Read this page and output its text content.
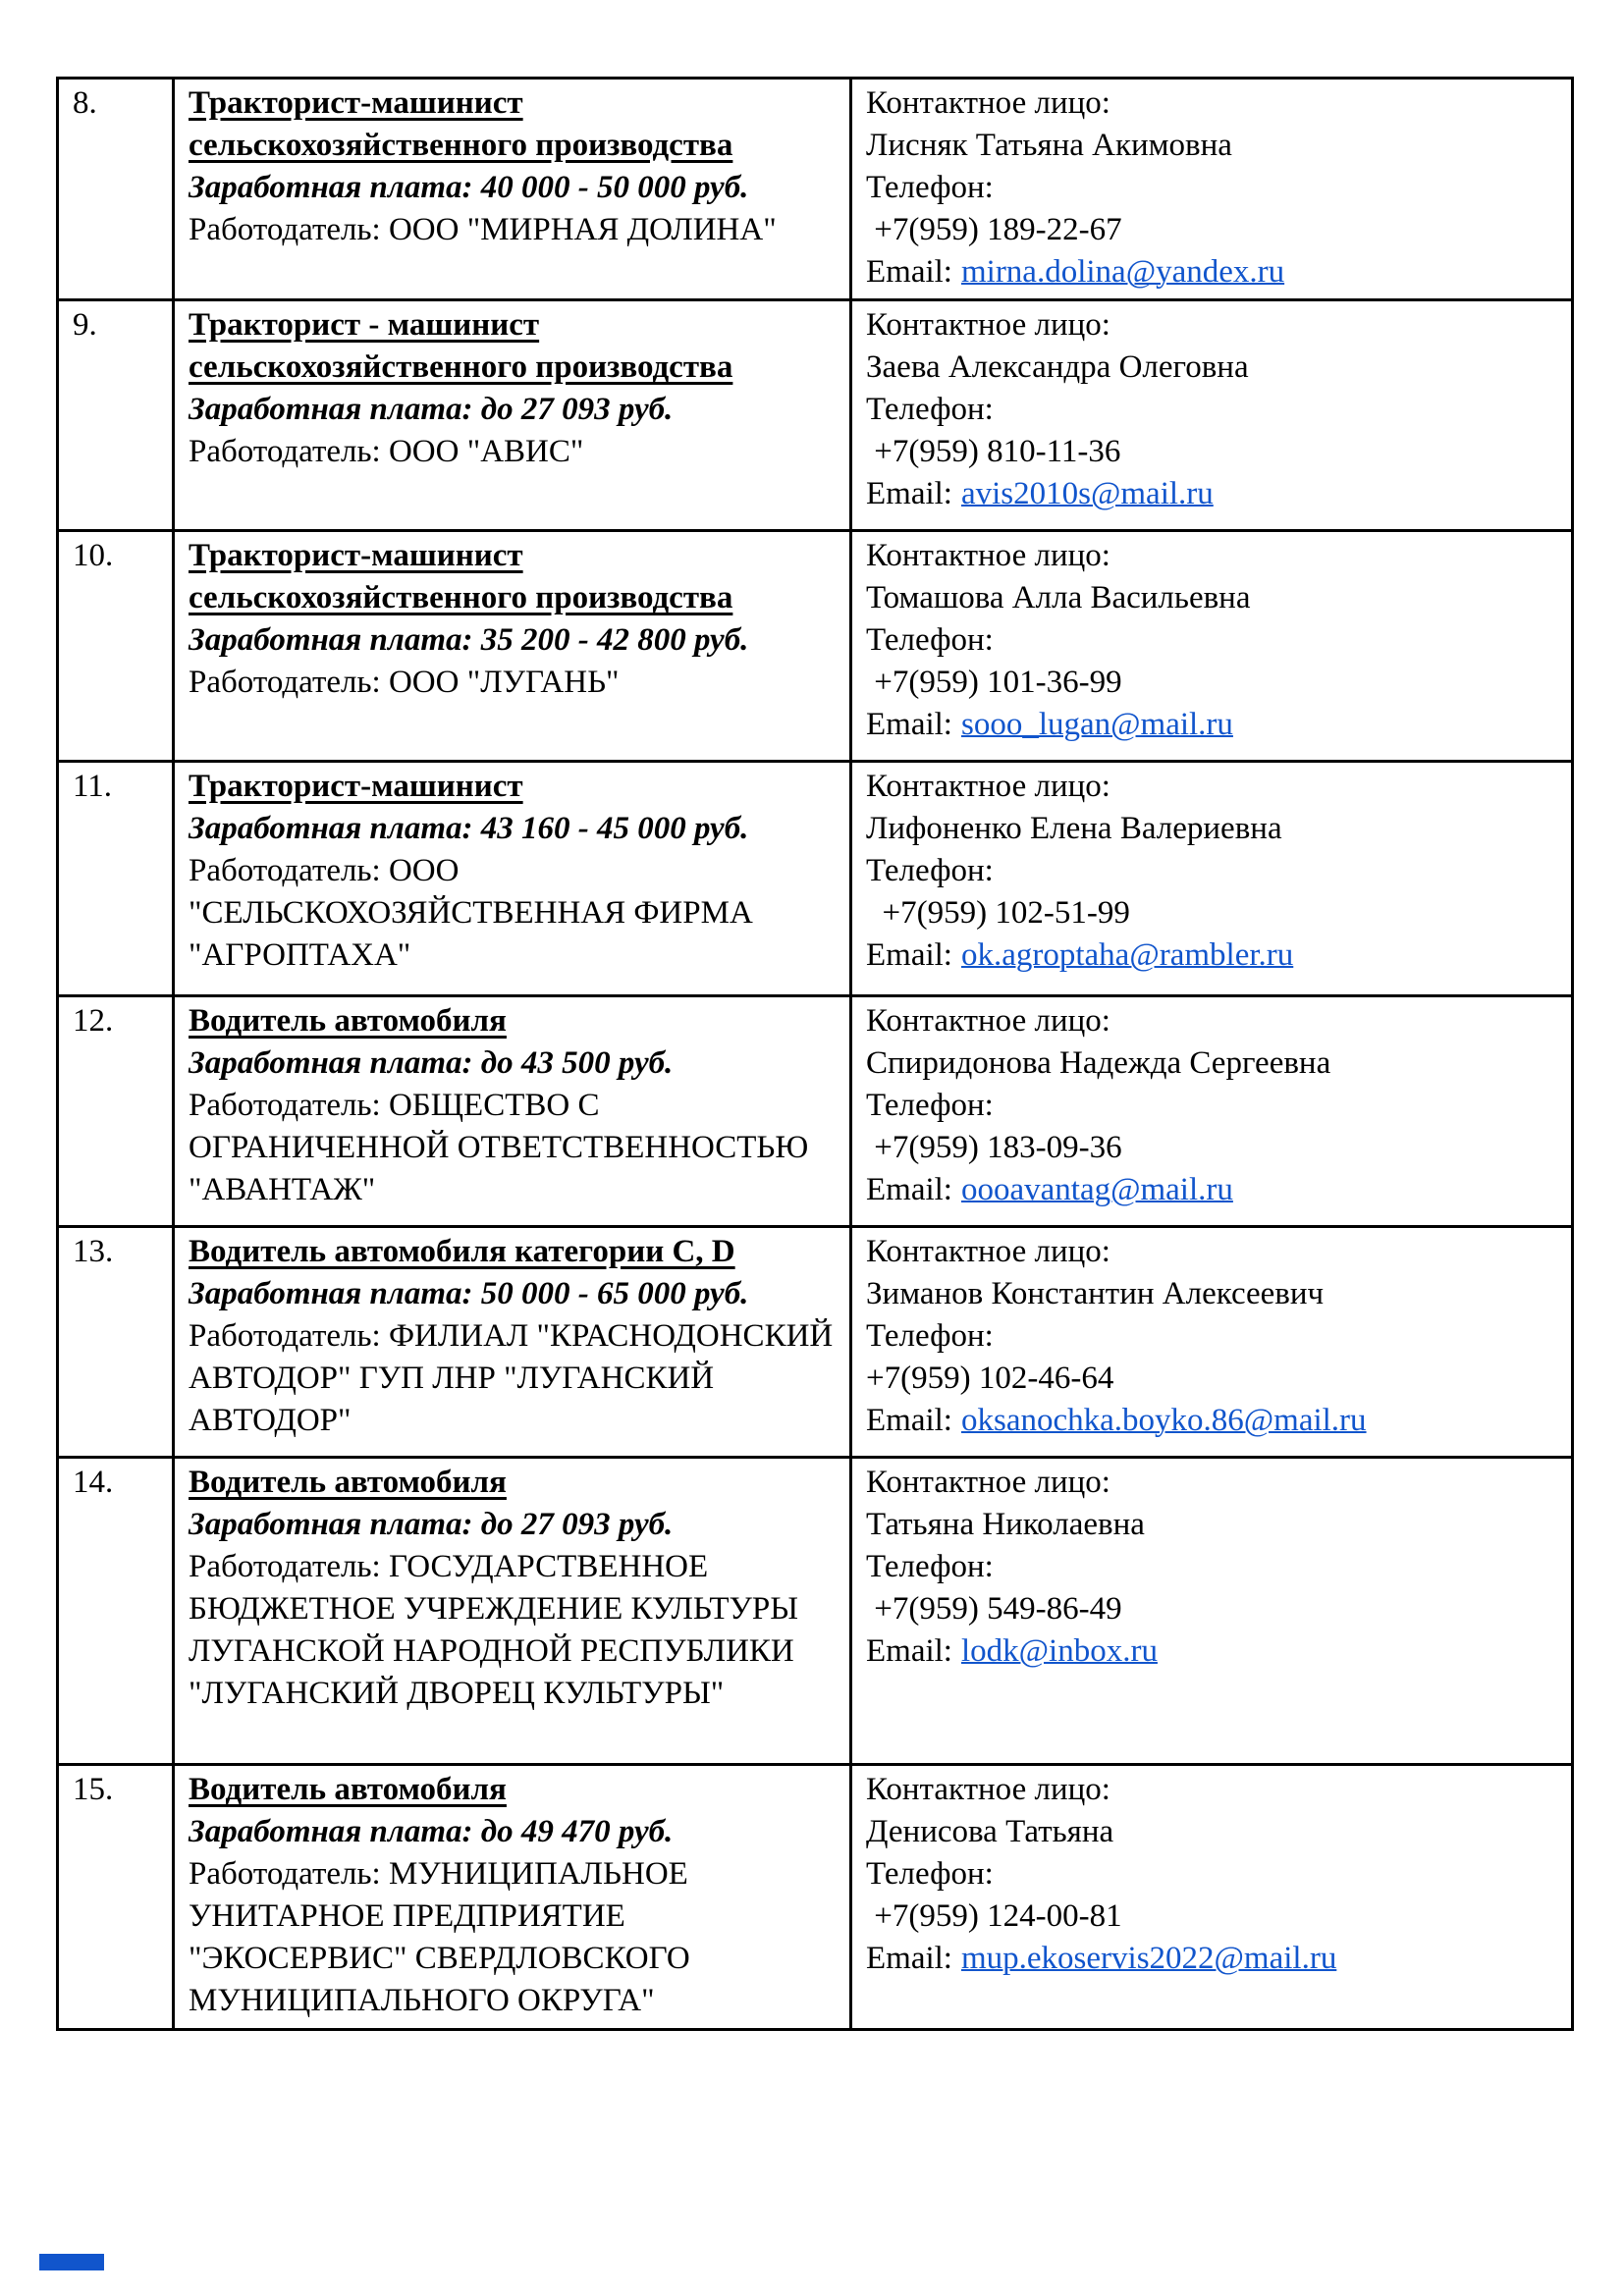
8.	Тракторист-машинист сельскохозяйственного производства
Заработная плата: 40 000 - 50 000 руб.
Работодатель: ООО "МИРНАЯ ДОЛИНА"

Контактное лицо:
Лисняк Татьяна Акимовна
Телефон:
+7(959) 189-22-67
Email: mirna.dolina@yandex.ru

9.	Тракторист - машинист сельскохозяйственного производства
Заработная плата: до 27 093 руб.
Работодатель: ООО "АВИС"

Контактное лицо:
Заева Александра Олеговна
Телефон:
+7(959) 810-11-36
Email: avis2010s@mail.ru

10.	Тракторист-машинист сельскохозяйственного производства
Заработная плата: 35 200 - 42 800 руб.
Работодатель: ООО "ЛУГАНЬ"

Контактное лицо:
Томашова Алла Васильевна
Телефон:
+7(959) 101-36-99
Email: sooo_lugan@mail.ru

11.	Тракторист-машинист
Заработная плата: 43 160 - 45 000 руб.
Работодатель: ООО "СЕЛЬСКОХОЗЯЙСТВЕННАЯ ФИРМА "АГРОПТАХА"

Контактное лицо:
Лифоненко Елена Валериевна
Телефон:
+7(959) 102-51-99
Email: ok.agroptaha@rambler.ru

12.	Водитель автомобиля
Заработная плата: до 43 500 руб.
Работодатель: ОБЩЕСТВО С ОГРАНИЧЕННОЙ ОТВЕТСТВЕННОСТЬЮ "АВАНТАЖ"

Контактное лицо:
Спиридонова Надежда Сергеевна
Телефон:
+7(959) 183-09-36
Email: oooavantag@mail.ru

13.	Водитель автомобиля категории C, D
Заработная плата: 50 000 - 65 000 руб.
Работодатель: ФИЛИАЛ "КРАСНОДОНСКИЙ АВТОДОР" ГУП ЛНР "ЛУГАНСКИЙ АВТОДОР"

Контактное лицо:
Зиманов Константин Алексеевич
Телефон:
+7(959) 102-46-64
Email: oksanochka.boyko.86@mail.ru

14.	Водитель автомобиля
Заработная плата: до 27 093 руб.
Работодатель: ГОСУДАРСТВЕННОЕ БЮДЖЕТНОЕ УЧРЕЖДЕНИЕ КУЛЬТУРЫ ЛУГАНСКОЙ НАРОДНОЙ РЕСПУБЛИКИ "ЛУГАНСКИЙ ДВОРЕЦ КУЛЬТУРЫ"

Контактное лицо:
Татьяна Николаевна
Телефон:
+7(959) 549-86-49
Email: lodk@inbox.ru

15.	Водитель автомобиля
Заработная плата: до 49 470 руб.
Работодатель: МУНИЦИПАЛЬНОЕ УНИТАРНОЕ ПРЕДПРИЯТИЕ "ЭКОСЕРВИС" СВЕРДЛОВСКОГО МУНИЦИПАЛЬНОГО ОКРУГА"

Контактное лицо:
Денисова Татьяна
Телефон:
+7(959) 124-00-81
Email: mup.ekoservis2022@mail.ru
